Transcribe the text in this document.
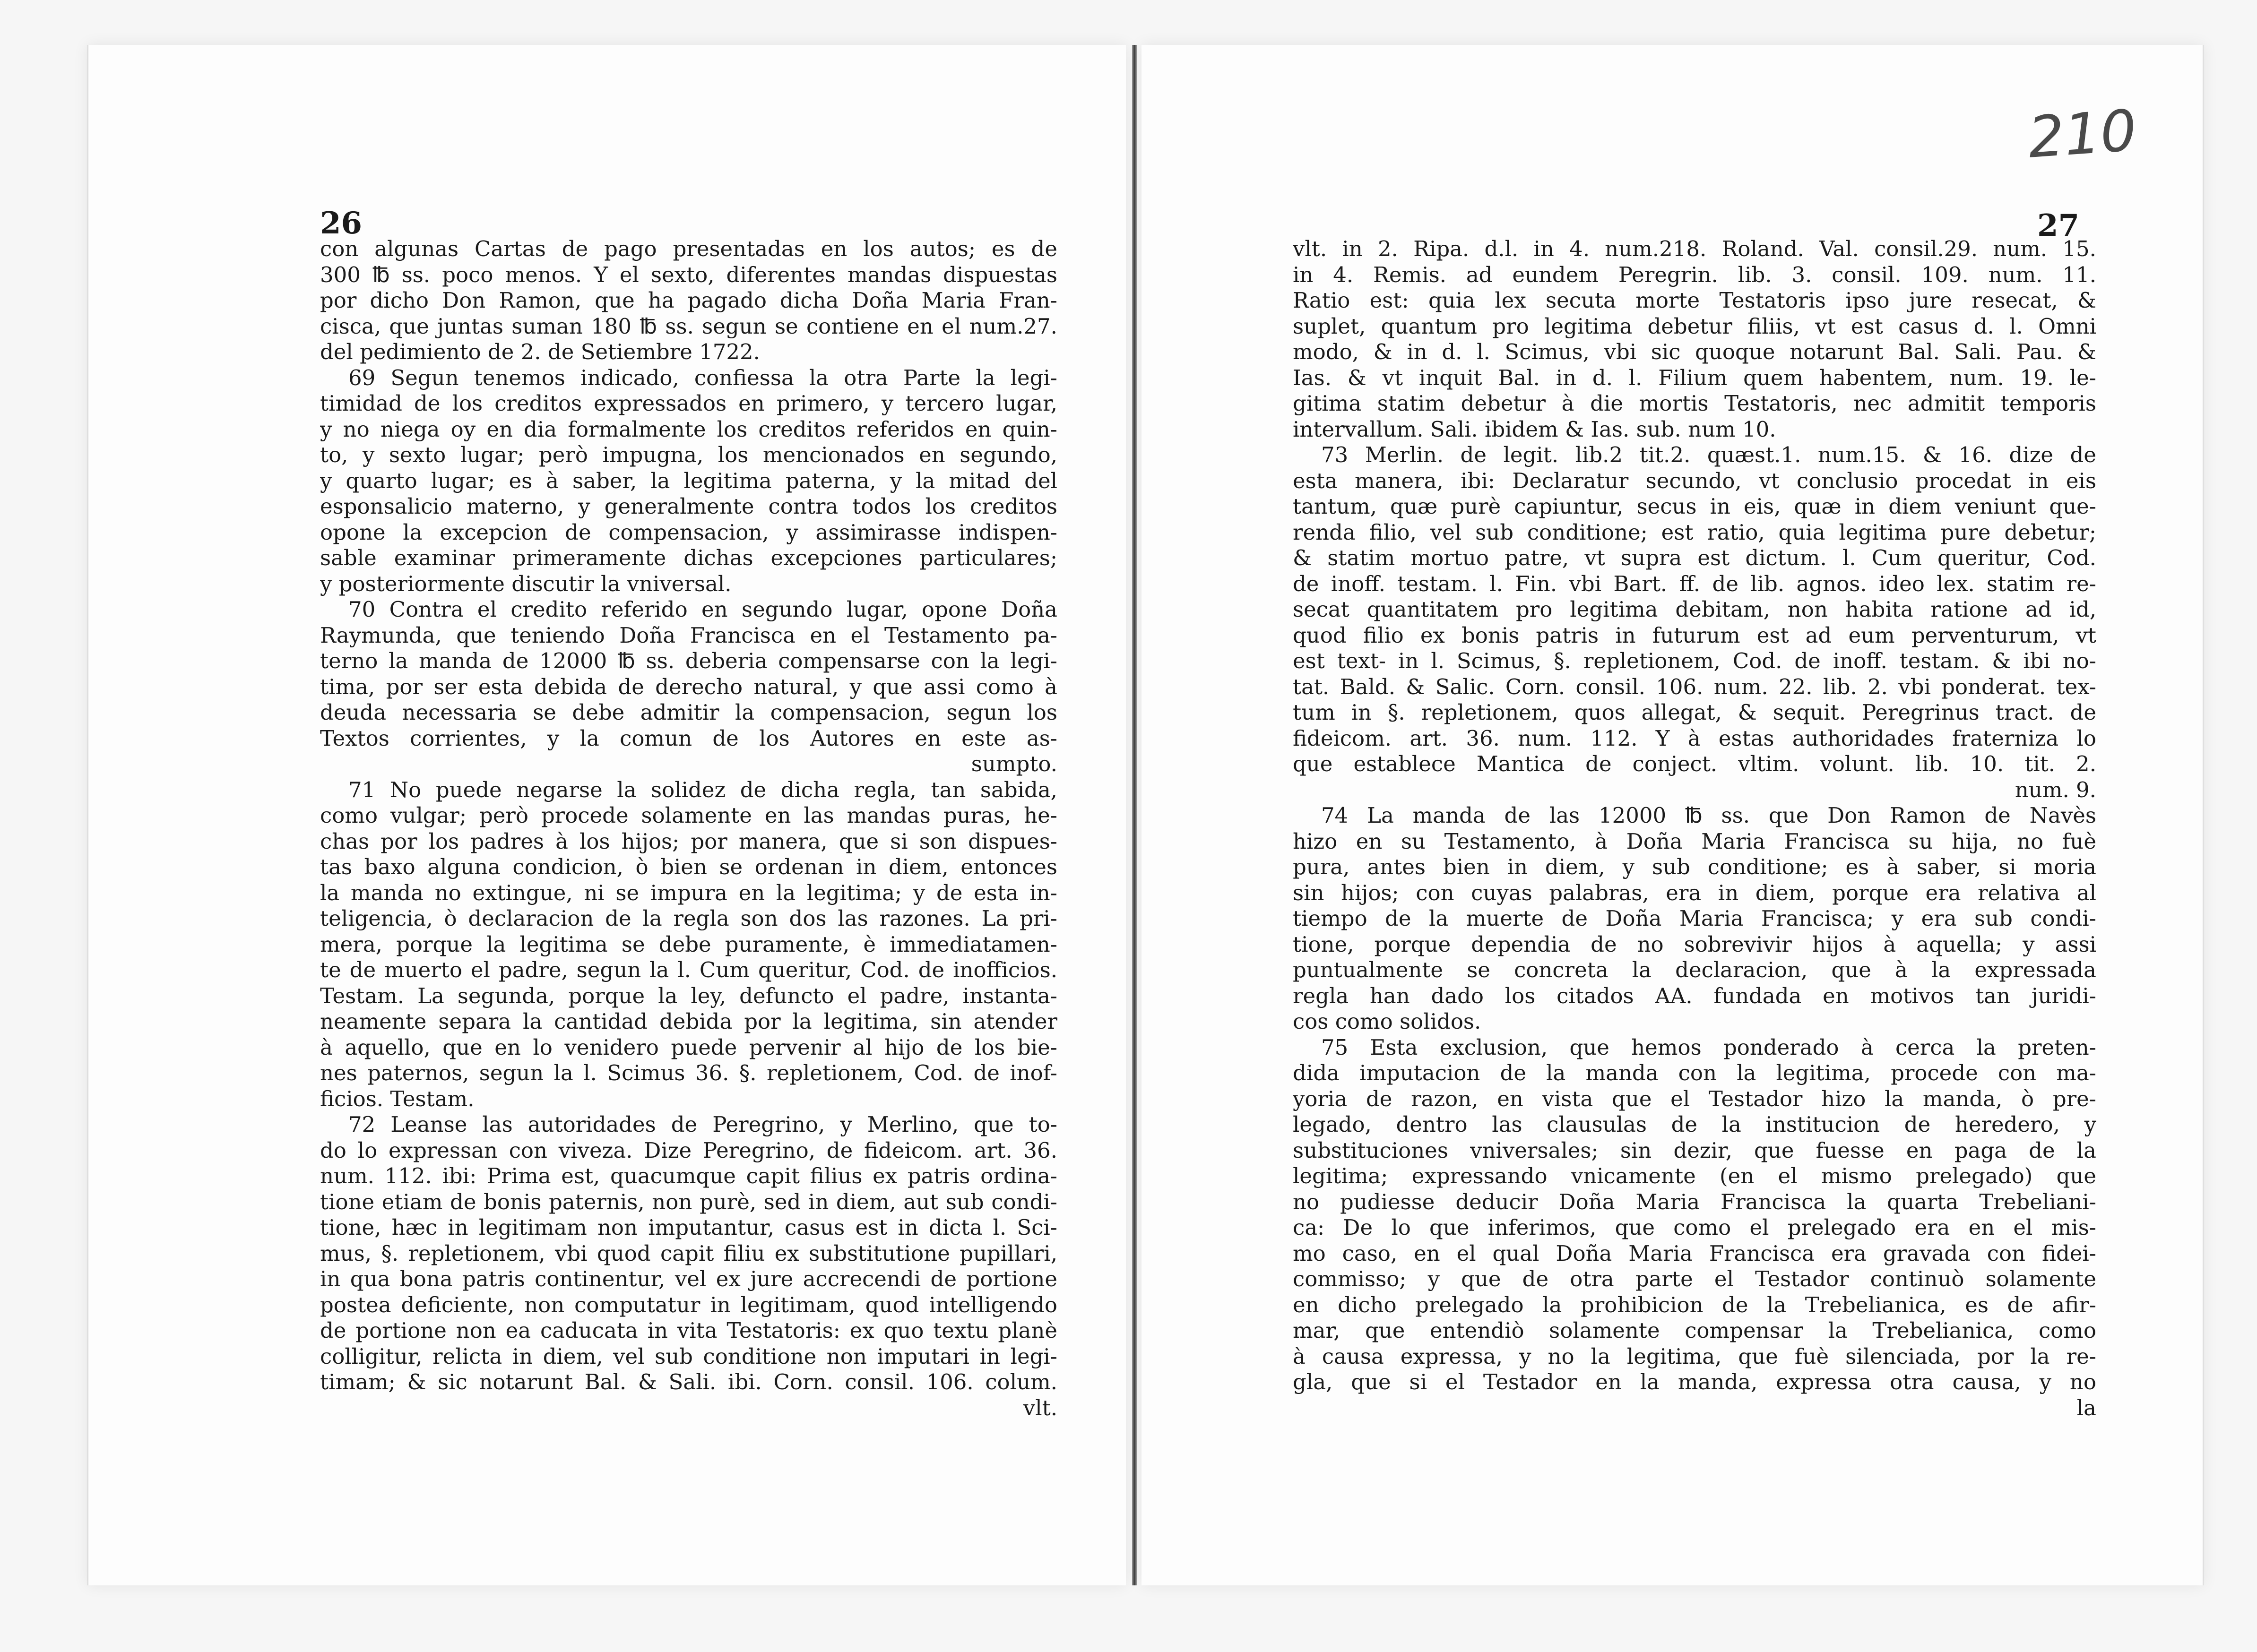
26
con algunas Cartas de pago presentadas en los autos; es de
300 ℔ ss. poco menos. Y el sexto, diferentes mandas dispuestas
por dicho Don Ramon, que ha pagado dicha Doña Maria Fran-
cisca, que juntas suman 180 ℔ ss. segun se contiene en el num.27.
del pedimiento de 2. de Setiembre 1722.
69 Segun tenemos indicado, confiessa la otra Parte la legi-
timidad de los creditos expressados en primero, y tercero lugar,
y no niega oy en dia formalmente los creditos referidos en quin-
to, y sexto lugar; però impugna, los mencionados en segundo,
y quarto lugar; es à saber, la legitima paterna, y la mitad del
esponsalicio materno, y generalmente contra todos los creditos
opone la excepcion de compensacion, y assimirasse indispen-
sable examinar primeramente dichas excepciones particulares;
y posteriormente discutir la vniversal.
70 Contra el credito referido en segundo lugar, opone Doña
Raymunda, que teniendo Doña Francisca en el Testamento pa-
terno la manda de 12000 ℔ ss. deberia compensarse con la legi-
tima, por ser esta debida de derecho natural, y que assi como à
deuda necessaria se debe admitir la compensacion, segun los
Textos corrientes, y la comun de los Autores en este as-
sumpto.
71 No puede negarse la solidez de dicha regla, tan sabida,
como vulgar; però procede solamente en las mandas puras, he-
chas por los padres à los hijos; por manera, que si son dispues-
tas baxo alguna condicion, ò bien se ordenan in diem, entonces
la manda no extingue, ni se impura en la legitima; y de esta in-
teligencia, ò declaracion de la regla son dos las razones. La pri-
mera, porque la legitima se debe puramente, è immediatamen-
te de muerto el padre, segun la l. Cum queritur, Cod. de inofficios.
Testam. La segunda, porque la ley, defuncto el padre, instanta-
neamente separa la cantidad debida por la legitima, sin atender
à aquello, que en lo venidero puede pervenir al hijo de los bie-
nes paternos, segun la l. Scimus 36. §. repletionem, Cod. de inof-
ficios. Testam.
72 Leanse las autoridades de Peregrino, y Merlino, que to-
do lo expressan con viveza. Dize Peregrino, de fideicom. art. 36.
num. 112. ibi: Prima est, quacumque capit filius ex patris ordina-
tione etiam de bonis paternis, non purè, sed in diem, aut sub condi-
tione, hæc in legitimam non imputantur, casus est in dicta l. Sci-
mus, §. repletionem, vbi quod capit filiu ex substitutione pupillari,
in qua bona patris continentur, vel ex jure accrecendi de portione
postea deficiente, non computatur in legitimam, quod intelligendo
de portione non ea caducata in vita Testatoris: ex quo textu planè
colligitur, relicta in diem, vel sub conditione non imputari in legi-
timam; & sic notarunt Bal. & Sali. ibi. Corn. consil. 106. colum.
vlt.
210
27
vlt. in 2. Ripa. d.l. in 4. num.218. Roland. Val. consil.29. num. 15.
in 4. Remis. ad eundem Peregrin. lib. 3. consil. 109. num. 11.
Ratio est: quia lex secuta morte Testatoris ipso jure resecat, &
suplet, quantum pro legitima debetur filiis, vt est casus d. l. Omni
modo, & in d. l. Scimus, vbi sic quoque notarunt Bal. Sali. Pau. &
Ias. & vt inquit Bal. in d. l. Filium quem habentem, num. 19. le-
gitima statim debetur à die mortis Testatoris, nec admitit temporis
intervallum. Sali. ibidem & Ias. sub. num 10.
73 Merlin. de legit. lib.2 tit.2. quæst.1. num.15. & 16. dize de
esta manera, ibi: Declaratur secundo, vt conclusio procedat in eis
tantum, quæ purè capiuntur, secus in eis, quæ in diem veniunt que-
renda filio, vel sub conditione; est ratio, quia legitima pure debetur;
& statim mortuo patre, vt supra est dictum. l. Cum queritur, Cod.
de inoff. testam. l. Fin. vbi Bart. ff. de lib. agnos. ideo lex. statim re-
secat quantitatem pro legitima debitam, non habita ratione ad id,
quod filio ex bonis patris in futurum est ad eum perventurum, vt
est text- in l. Scimus, §. repletionem, Cod. de inoff. testam. & ibi no-
tat. Bald. & Salic. Corn. consil. 106. num. 22. lib. 2. vbi ponderat. tex-
tum in §. repletionem, quos allegat, & sequit. Peregrinus tract. de
fideicom. art. 36. num. 112. Y à estas authoridades fraterniza lo
que establece Mantica de conject. vltim. volunt. lib. 10. tit. 2.
num. 9.
74 La manda de las 12000 ℔ ss. que Don Ramon de Navès
hizo en su Testamento, à Doña Maria Francisca su hija, no fuè
pura, antes bien in diem, y sub conditione; es à saber, si moria
sin hijos; con cuyas palabras, era in diem, porque era relativa al
tiempo de la muerte de Doña Maria Francisca; y era sub condi-
tione, porque dependia de no sobrevivir hijos à aquella; y assi
puntualmente se concreta la declaracion, que à la expressada
regla han dado los citados AA. fundada en motivos tan juridi-
cos como solidos.
75 Esta exclusion, que hemos ponderado à cerca la preten-
dida imputacion de la manda con la legitima, procede con ma-
yoria de razon, en vista que el Testador hizo la manda, ò pre-
legado, dentro las clausulas de la institucion de heredero, y
substituciones vniversales; sin dezir, que fuesse en paga de la
legitima; expressando vnicamente (en el mismo prelegado) que
no pudiesse deducir Doña Maria Francisca la quarta Trebeliani-
ca: De lo que inferimos, que como el prelegado era en el mis-
mo caso, en el qual Doña Maria Francisca era gravada con fidei-
commisso; y que de otra parte el Testador continuò solamente
en dicho prelegado la prohibicion de la Trebelianica, es de afir-
mar, que entendiò solamente compensar la Trebelianica, como
à causa expressa, y no la legitima, que fuè silenciada, por la re-
gla, que si el Testador en la manda, expressa otra causa, y no
la
